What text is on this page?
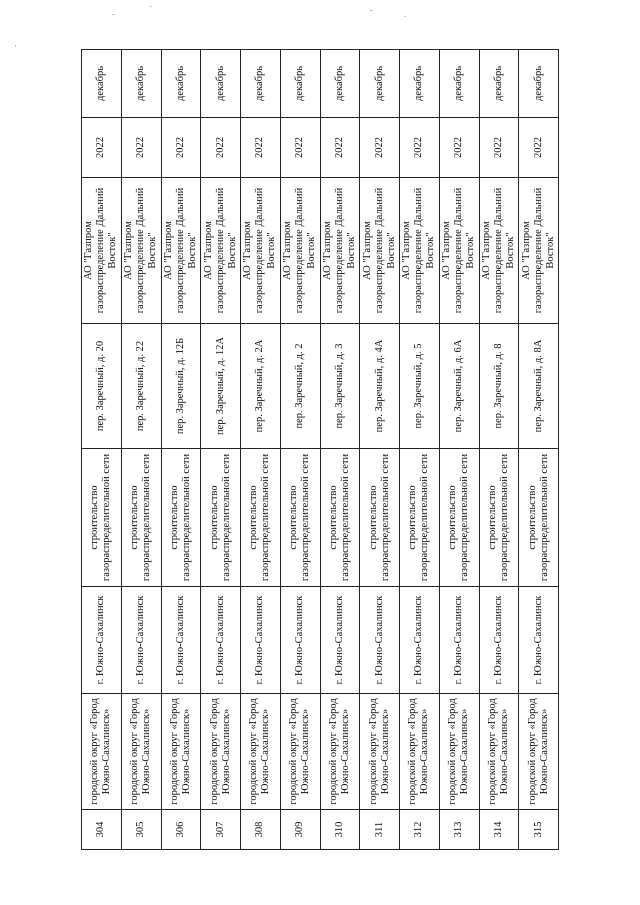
304	городской округ «Город Южно-Сахалинск»	г. Южно-Сахалинск	строительство газораспределительной сети	пер. Заречный, д. 20	АО "Газпром газораспределение Дальний Восток"	2022	декабрь
305	городской округ «Город Южно-Сахалинск»	г. Южно-Сахалинск	строительство газораспределительной сети	пер. Заречный, д. 22	АО "Газпром газораспределение Дальний Восток"	2022	декабрь
306	городской округ «Город Южно-Сахалинск»	г. Южно-Сахалинск	строительство газораспределительной сети	пер. Заречный, д. 12Б	АО "Газпром газораспределение Дальний Восток"	2022	декабрь
307	городской округ «Город Южно-Сахалинск»	г. Южно-Сахалинск	строительство газораспределительной сети	пер. Заречный, д. 12А	АО "Газпром газораспределение Дальний Восток"	2022	декабрь
308	городской округ «Город Южно-Сахалинск»	г. Южно-Сахалинск	строительство газораспределительной сети	пер. Заречный, д. 2А	АО "Газпром газораспределение Дальний Восток"	2022	декабрь
309	городской округ «Город Южно-Сахалинск»	г. Южно-Сахалинск	строительство газораспределительной сети	пер. Заречный, д. 2	АО "Газпром газораспределение Дальний Восток"	2022	декабрь
310	городской округ «Город Южно-Сахалинск»	г. Южно-Сахалинск	строительство газораспределительной сети	пер. Заречный, д. 3	АО "Газпром газораспределение Дальний Восток"	2022	декабрь
311	городской округ «Город Южно-Сахалинск»	г. Южно-Сахалинск	строительство газораспределительной сети	пер. Заречный, д. 4А	АО "Газпром газораспределение Дальний Восток"	2022	декабрь
312	городской округ «Город Южно-Сахалинск»	г. Южно-Сахалинск	строительство газораспределительной сети	пер. Заречный, д. 5	АО "Газпром газораспределение Дальний Восток"	2022	декабрь
313	городской округ «Город Южно-Сахалинск»	г. Южно-Сахалинск	строительство газораспределительной сети	пер. Заречный, д. 6А	АО "Газпром газораспределение Дальний Восток"	2022	декабрь
314	городской округ «Город Южно-Сахалинск»	г. Южно-Сахалинск	строительство газораспределительной сети	пер. Заречный, д. 8	АО "Газпром газораспределение Дальний Восток"	2022	декабрь
315	городской округ «Город Южно-Сахалинск»	г. Южно-Сахалинск	строительство газораспределительной сети	пер. Заречный, д. 8А	АО "Газпром газораспределение Дальний Восток"	2022	декабрь
